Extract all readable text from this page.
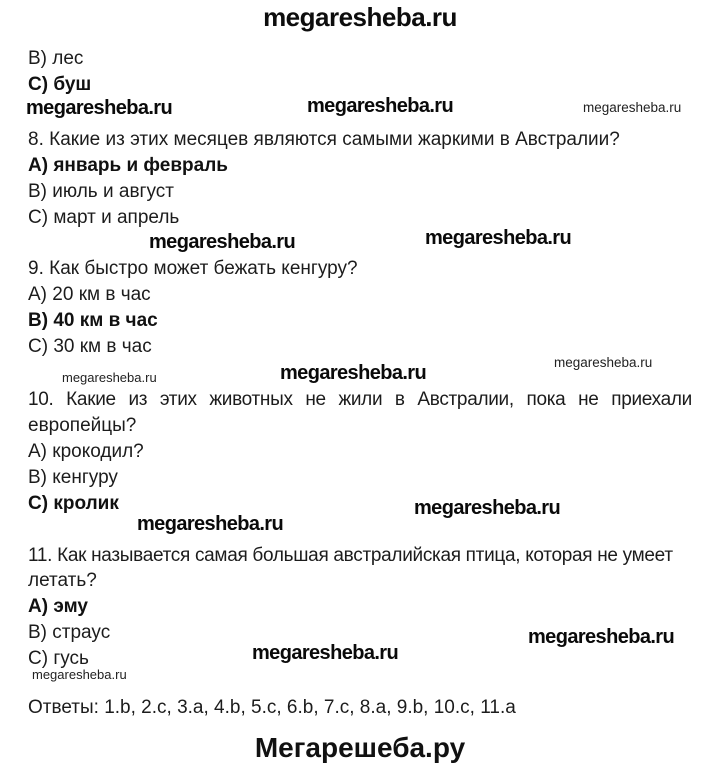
megaresheba.ru
B) лес
C) буш
megaresheba.ru	megaresheba.ru	megaresheba.ru
8. Какие из этих месяцев являются самыми жаркими в Австралии?
A) январь и февраль
B) июль и август
C) март и апрель
megaresheba.ru	megaresheba.ru
9. Как быстро может бежать кенгуру?
A) 20 км в час
B) 40 км в час
C) 30 км в час
megaresheba.ru	megaresheba.ru	megaresheba.ru
10. Какие из этих животных не жили в Австралии, пока не приехали
европейцы?
A) крокодил?
B) кенгуру
C) кролик	megaresheba.ru
megaresheba.ru
11. Как называется самая большая австралийская птица, которая не умеет
летать?
A) эму
B) страус
C) гусь
megaresheba.ru
megaresheba.ru
megaresheba.ru
Ответы: 1.b, 2.c, 3.a, 4.b, 5.c, 6.b, 7.c, 8.a, 9.b, 10.c, 11.a
Мегарешеба.ру
